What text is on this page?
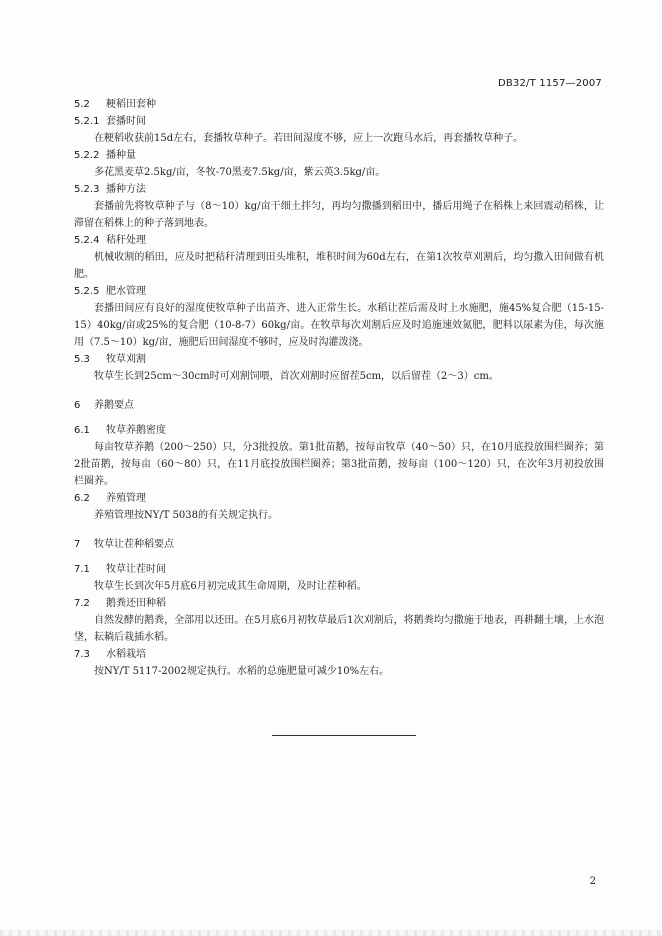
DB32/T 1157—2007
5.2 粳稻田套种
5.2.1 套播时间

在粳稻收获前15d左右，套播牧草种子。若田间湿度不够，应上一次跑马水后，再套播牧草种子。

5.2.2 播种量

多花黑麦草2.5kg/亩，冬牧-70黑麦7.5kg/亩，紫云英3.5kg/亩。

5.2.3 播种方法

套播前先将牧草种子与（8～10）kg/亩干细土拌匀，再均匀撒播到稻田中，播后用绳子在稻株上来回震动稻株，让滞留在稻株上的种子落到地表。

5.2.4 秸秆处理

机械收割的稻田，应及时把秸秆清理到田头堆积，堆积时间为60d左右，在第1次牧草刈割后，均匀撒入田间做有机肥。

5.2.5 肥水管理

套播田间应有良好的湿度使牧草种子出苗齐、进入正常生长。水稻让茬后需及时上水施肥，施45%复合肥（15-15-15）40kg/亩或25%的复合肥（10-8-7）60kg/亩。在牧草每次刈割后应及时追施速效氮肥，肥料以尿素为佳，每次施用（7.5～10）kg/亩，施肥后田间湿度不够时，应及时沟灌泼浇。

5.3 牧草刈割

牧草生长到25cm～30cm时可刈割饲喂，首次刈割时应留茬5cm，以后留茬（2～3）cm。

6 养鹅要点
6.1 牧草养鹅密度

每亩牧草养鹅（200～250）只，分3批投放。第1批苗鹅，按每亩牧草（40～50）只，在10月底投放围栏圈养；第2批苗鹅，按每亩（60～80）只，在11月底投放围栏圈养；第3批苗鹅，按每亩（100～120）只，在次年3月初投放围栏圈养。

6.2 养殖管理

养殖管理按NY/T 5038的有关规定执行。

7 牧草让茬种稻要点
7.1 牧草让茬时间

牧草生长到次年5月底6月初完成其生命周期，及时让茬种稻。

7.2 鹅粪还田种稻

自然发酵的鹅粪，全部用以还田。在5月底6月初牧草最后1次刈割后，将鹅粪均匀撒施于地表，再耕翻土壤，上水泡垡，耘耥后栽插水稻。

7.3 水稻栽培

按NY/T 5117-2002规定执行。水稻的总施肥量可减少10%左右。

2
